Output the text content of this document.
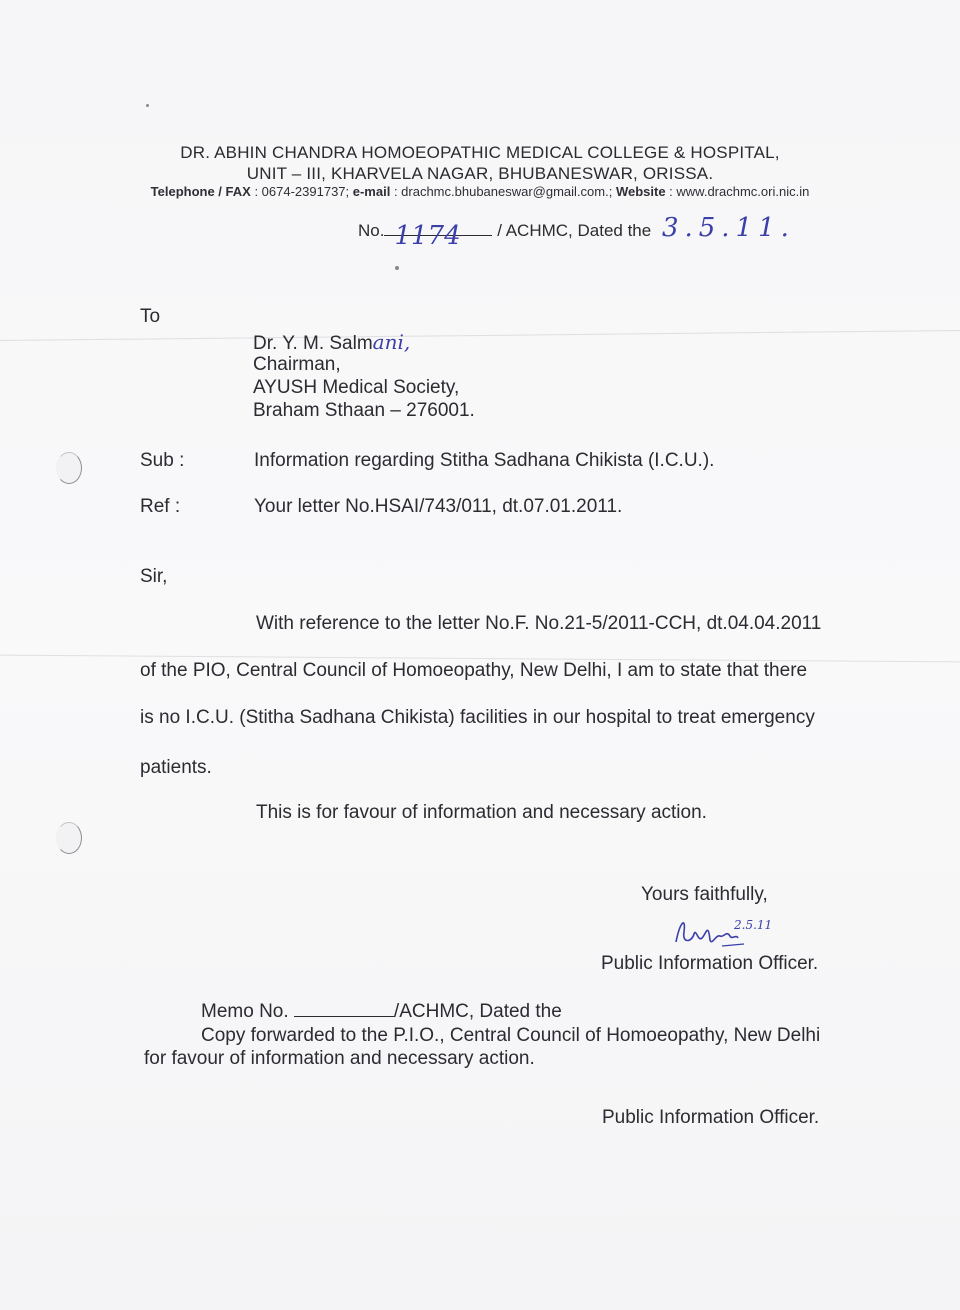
DR. ABHIN CHANDRA HOMOEOPATHIC MEDICAL COLLEGE & HOSPITAL,
UNIT – III, KHARVELA NAGAR, BHUBANESWAR, ORISSA.
Telephone / FAX : 0674-2391737; e-mail : drachmc.bhubaneswar@gmail.com.; Website : www.drachmc.ori.nic.in
No. 1174 / ACHMC, Dated the 3.5.11.
To
Dr. Y. M. Salmani,
Chairman,
AYUSH Medical Society,
Braham Sthaan – 276001.
Sub :	Information regarding Stitha Sadhana Chikista (I.C.U.).
Ref :	Your letter No.HSAI/743/011, dt.07.01.2011.
Sir,
With reference to the letter No.F. No.21-5/2011-CCH, dt.04.04.2011
of the PIO, Central Council of Homoeopathy, New Delhi, I am to state that there
is no I.C.U. (Stitha Sadhana Chikista) facilities in our hospital to treat emergency
patients.
This is for favour of information and necessary action.
Yours faithfully,
2.5.11
Public Information Officer.
Memo No.	/ACHMC, Dated the
Copy forwarded to the P.I.O., Central Council of Homoeopathy, New Delhi
for favour of information and necessary action.
Public Information Officer.
